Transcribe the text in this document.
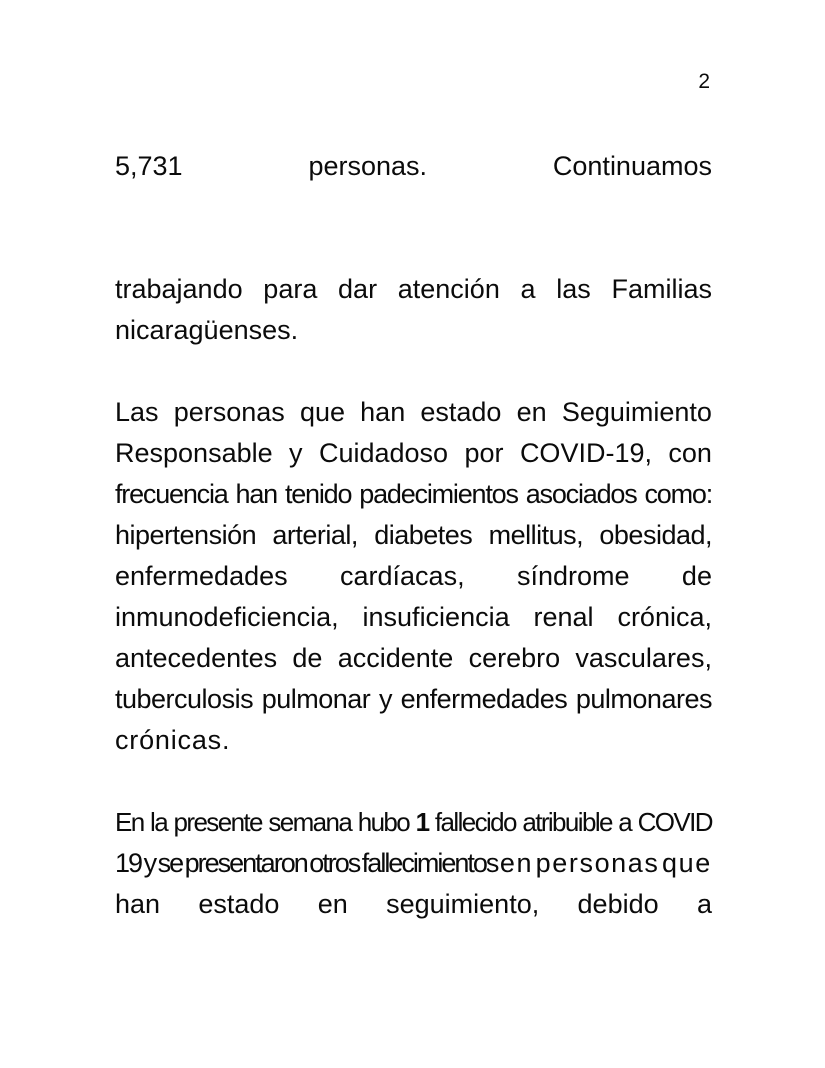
2
5,731	personas.	Continuamos
trabajando para dar atención a las Familias
nicaragüenses.
Las personas que han estado en Seguimiento
Responsable y Cuidadoso por COVID-19, con
frecuencia han tenido padecimientos asociados como:
hipertensión arterial, diabetes mellitus, obesidad,
enfermedades cardíacas, síndrome de
inmunodeficiencia, insuficiencia renal crónica,
antecedentes de accidente cerebro vasculares,
tuberculosis pulmonar y enfermedades pulmonares
crónicas.
En la presente semana hubo 1 fallecido atribuible a COVID
19 y se presentaron otros fallecimientos en personas que
han estado en seguimiento, debido a
